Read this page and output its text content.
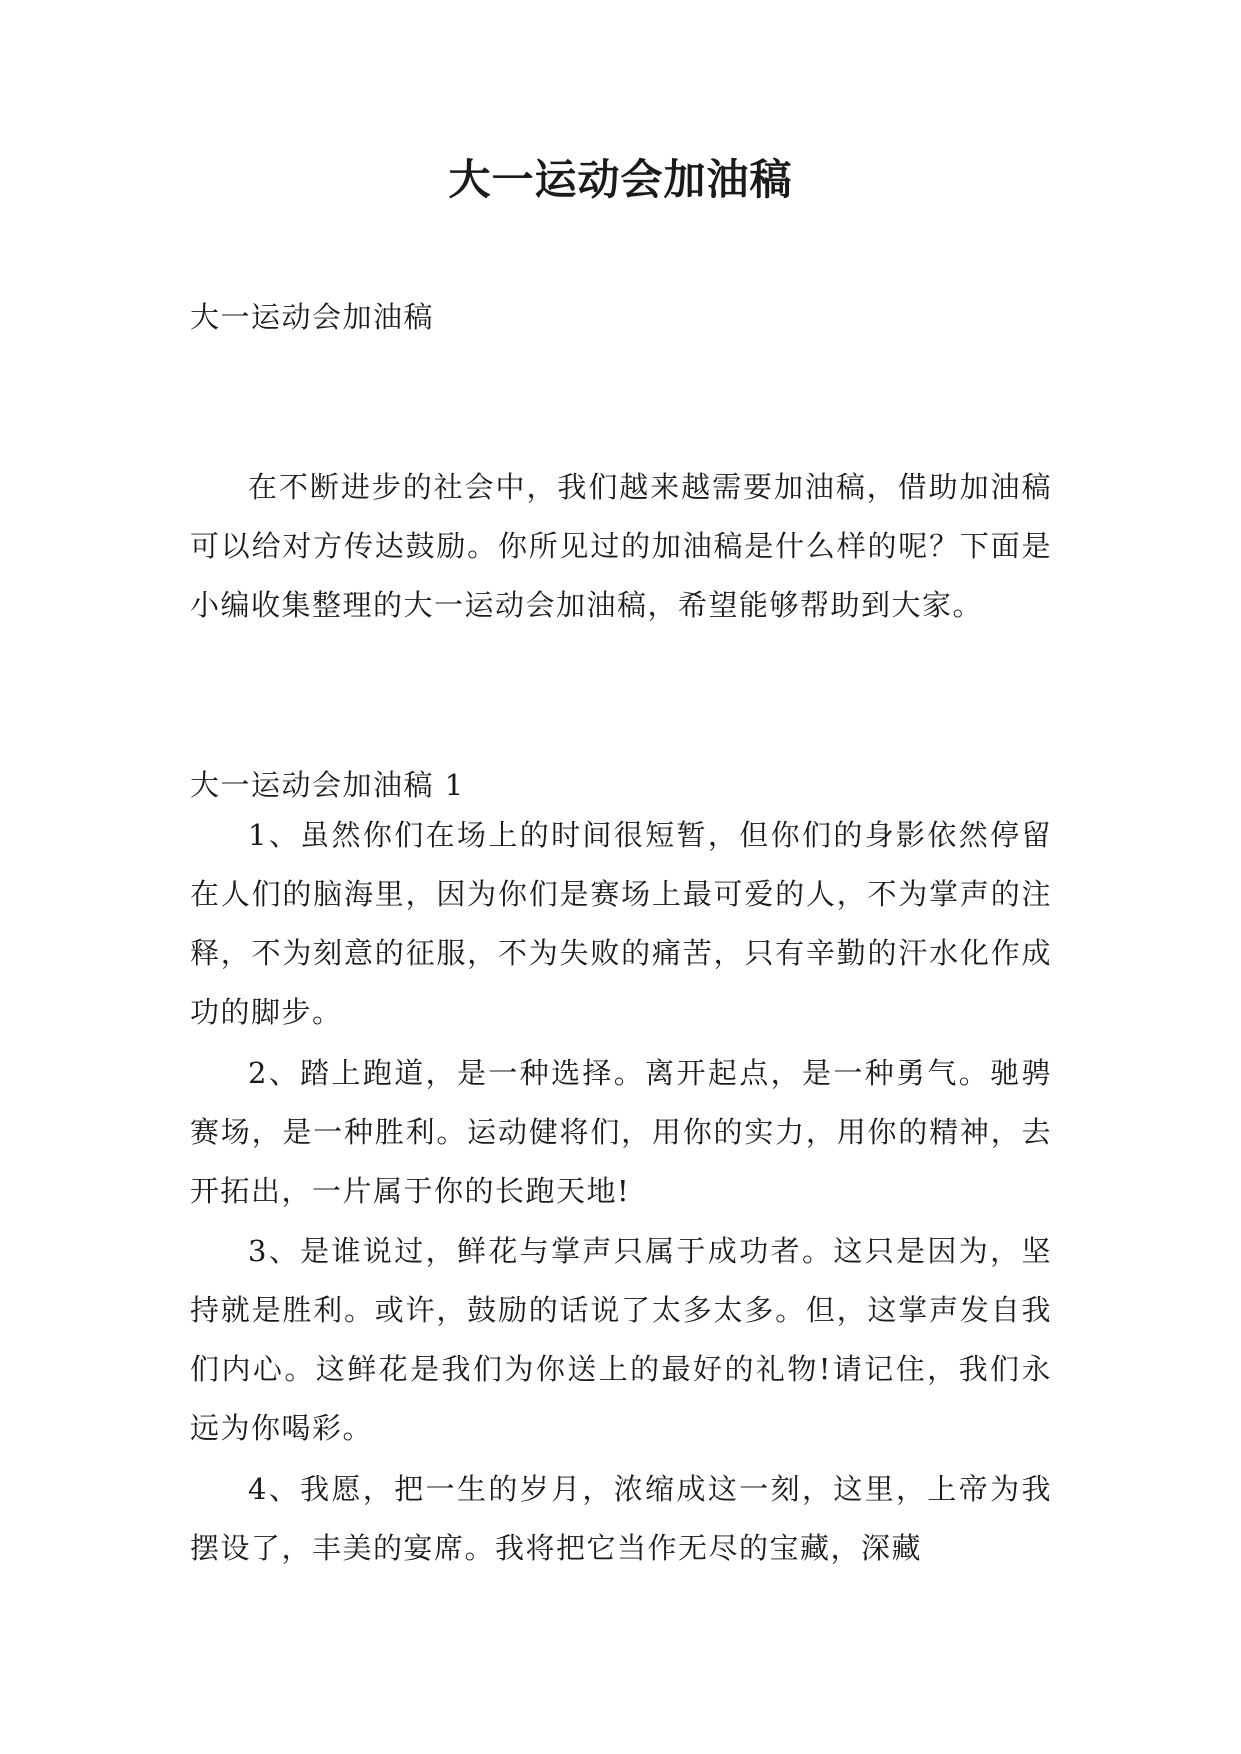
大一运动会加油稿

大一运动会加油稿

在不断进步的社会中，我们越来越需要加油稿，借助加油稿可以给对方传达鼓励。你所见过的加油稿是什么样的呢？下面是小编收集整理的大一运动会加油稿，希望能够帮助到大家。

大一运动会加油稿 1

1、虽然你们在场上的时间很短暂，但你们的身影依然停留在人们的脑海里，因为你们是赛场上最可爱的人，不为掌声的注释，不为刻意的征服，不为失败的痛苦，只有辛勤的汗水化作成功的脚步。

2、踏上跑道，是一种选择。离开起点，是一种勇气。驰骋赛场，是一种胜利。运动健将们，用你的实力，用你的精神，去开拓出，一片属于你的长跑天地!

3、是谁说过，鲜花与掌声只属于成功者。这只是因为，坚持就是胜利。或许，鼓励的话说了太多太多。但，这掌声发自我们内心。这鲜花是我们为你送上的最好的礼物!请记住，我们永远为你喝彩。

4、我愿，把一生的岁月，浓缩成这一刻，这里，上帝为我摆设了，丰美的宴席。我将把它当作无尽的宝藏，深藏
